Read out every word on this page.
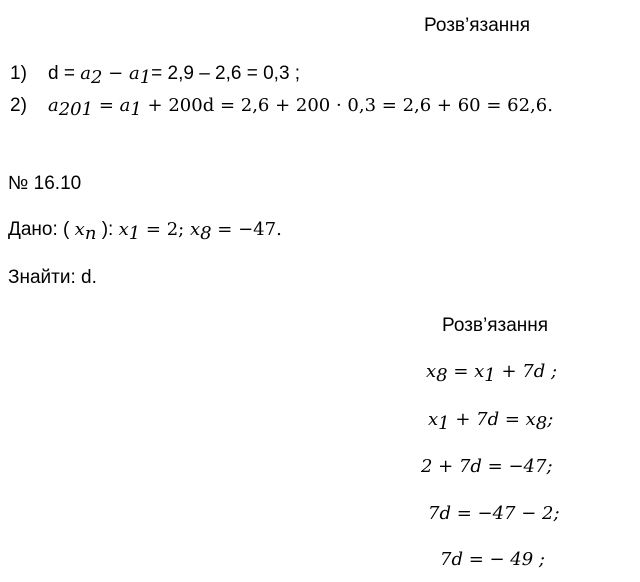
Розв’язання
1) $d = a_2 - a_1= 2,9 - 2,6 = 0,3$ ;
2) $a_{201} = a_1 + 200d = 2,6 + 200 \cdot 0,3 = 2,6 + 60 = 62,6$.
№ 16.10
Дано: ( $x_n$ ): $x_1 = 2$; $x_8 = -47$.
Знайти: d.
Розв’язання
$x_8 = x_1 + 7d$ ;
$x_1 + 7d = x_8$;
2 + 7d = −47;
7d = −47 − 2;
7d = − 49 ;
